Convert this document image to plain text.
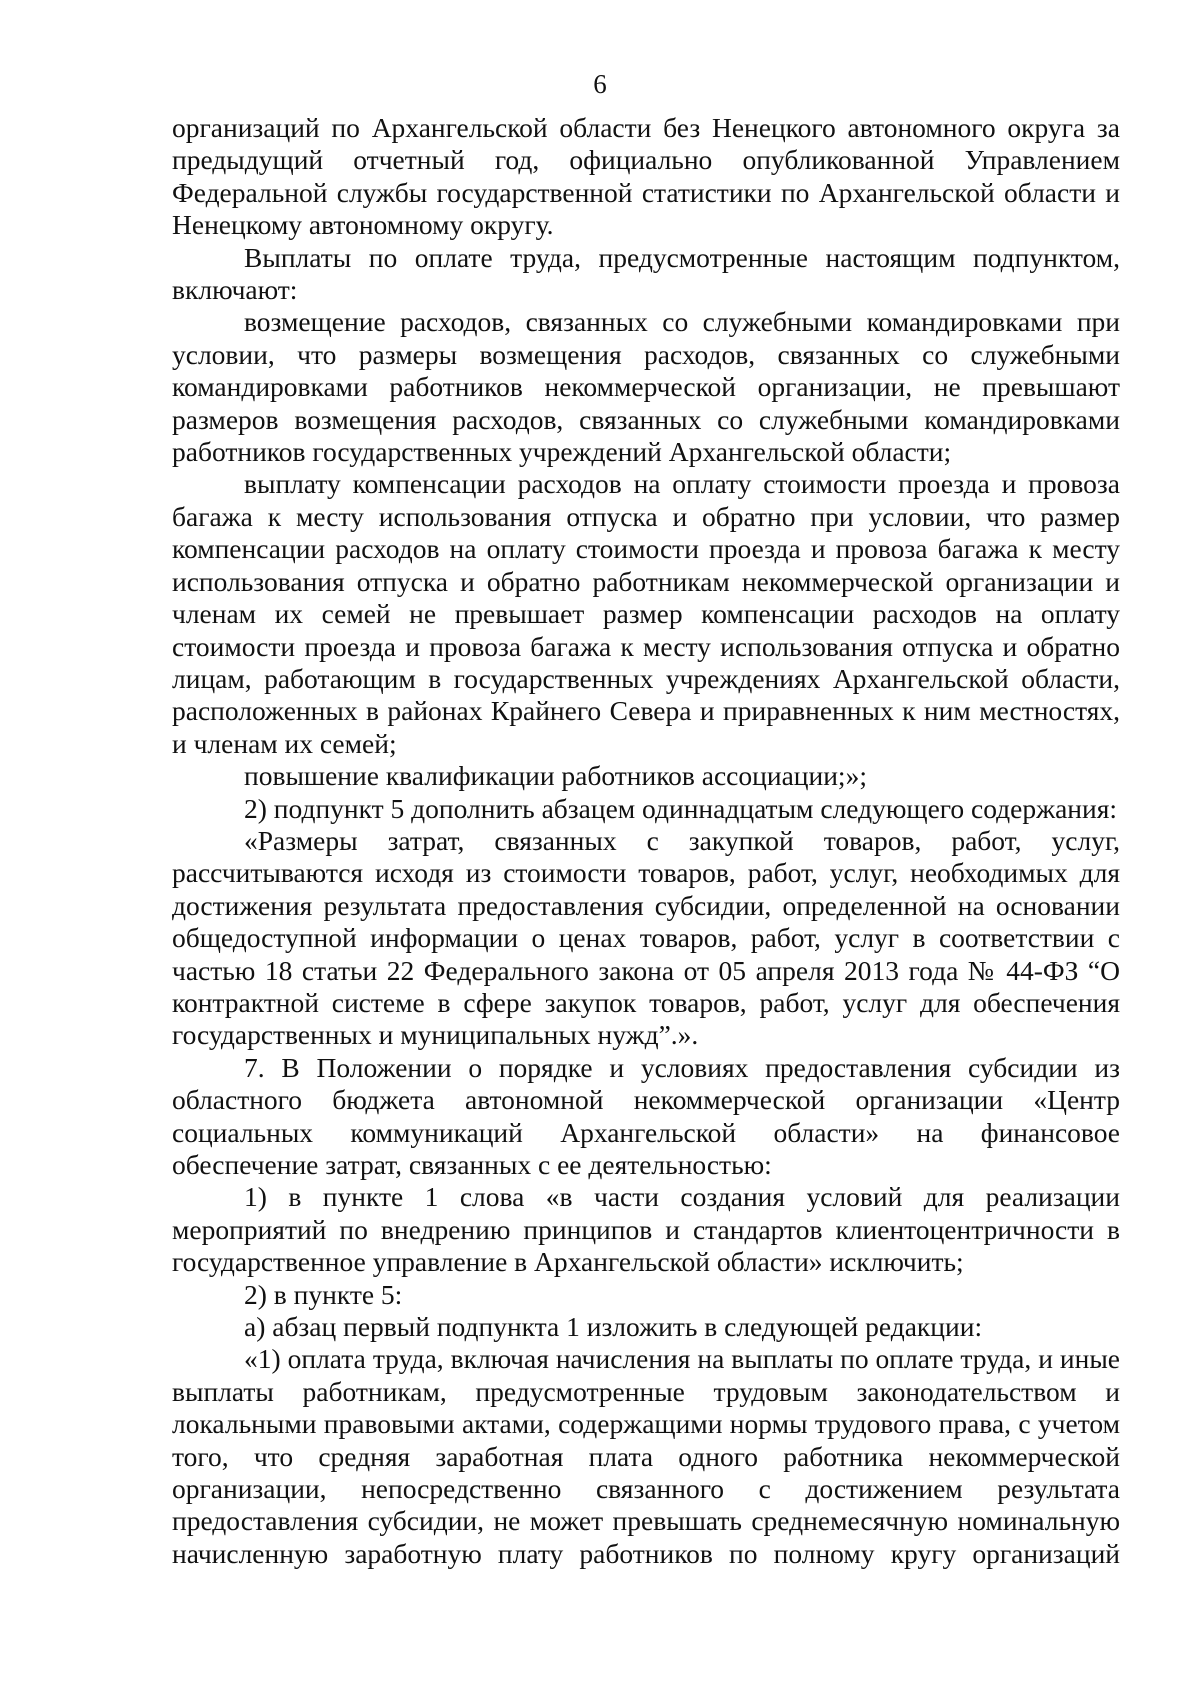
6

организаций по Архангельской области без Ненецкого автономного округа за предыдущий отчетный год, официально опубликованной Управлением Федеральной службы государственной статистики по Архангельской области и Ненецкому автономному округу.

Выплаты по оплате труда, предусмотренные настоящим подпунктом, включают:

возмещение расходов, связанных со служебными командировками при условии, что размеры возмещения расходов, связанных со служебными командировками работников некоммерческой организации, не превышают размеров возмещения расходов, связанных со служебными командировками работников государственных учреждений Архангельской области;

выплату компенсации расходов на оплату стоимости проезда и провоза багажа к месту использования отпуска и обратно при условии, что размер компенсации расходов на оплату стоимости проезда и провоза багажа к месту использования отпуска и обратно работникам некоммерческой организации и членам их семей не превышает размер компенсации расходов на оплату стоимости проезда и провоза багажа к месту использования отпуска и обратно лицам, работающим в государственных учреждениях Архангельской области, расположенных в районах Крайнего Севера и приравненных к ним местностях, и членам их семей;

повышение квалификации работников ассоциации;»;

2) подпункт 5 дополнить абзацем одиннадцатым следующего содержания:

«Размеры затрат, связанных с закупкой товаров, работ, услуг, рассчитываются исходя из стоимости товаров, работ, услуг, необходимых для достижения результата предоставления субсидии, определенной на основании общедоступной информации о ценах товаров, работ, услуг в соответствии с частью 18 статьи 22 Федерального закона от 05 апреля 2013 года № 44-ФЗ “О контрактной системе в сфере закупок товаров, работ, услуг для обеспечения государственных и муниципальных нужд”.».

7. В Положении о порядке и условиях предоставления субсидии из областного бюджета автономной некоммерческой организации «Центр социальных коммуникаций Архангельской области» на финансовое обеспечение затрат, связанных с ее деятельностью:

1) в пункте 1 слова «в части создания условий для реализации мероприятий по внедрению принципов и стандартов клиентоцентричности в государственное управление в Архангельской области» исключить;

2) в пункте 5:

а) абзац первый подпункта 1 изложить в следующей редакции:

«1) оплата труда, включая начисления на выплаты по оплате труда, и иные выплаты работникам, предусмотренные трудовым законодательством и локальными правовыми актами, содержащими нормы трудового права, с учетом того, что средняя заработная плата одного работника некоммерческой организации, непосредственно связанного с достижением результата предоставления субсидии, не может превышать среднемесячную номинальную начисленную заработную плату работников по полному кругу организаций
